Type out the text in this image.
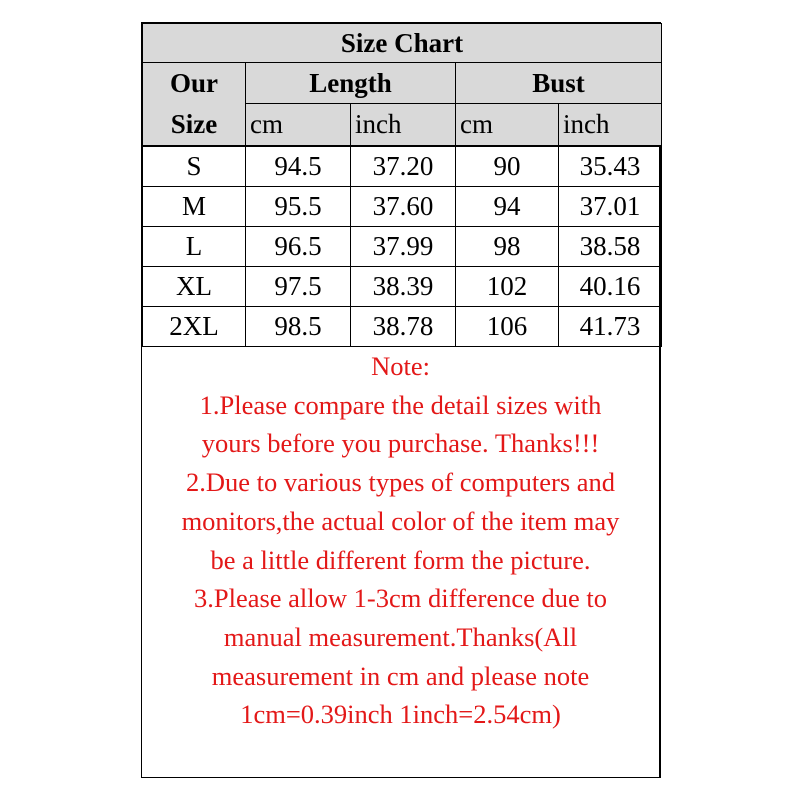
Size Chart				

Our
Size	Length		Bust	
	cm	inch	cm	inch
S	94.5	37.20	90	35.43
M	95.5	37.60	94	37.01
L	96.5	37.99	98	38.58
XL	97.5	38.39	102	40.16
2XL	98.5	38.78	106	41.73
Note:
1.Please compare the detail sizes with
yours before you purchase. Thanks!!!
2.Due to various types of computers and
monitors,the actual color of the item may
be a little different form the picture.
3.Please allow 1-3cm difference due to
manual measurement.Thanks(All
measurement in cm and please note
1cm=0.39inch 1inch=2.54cm)
